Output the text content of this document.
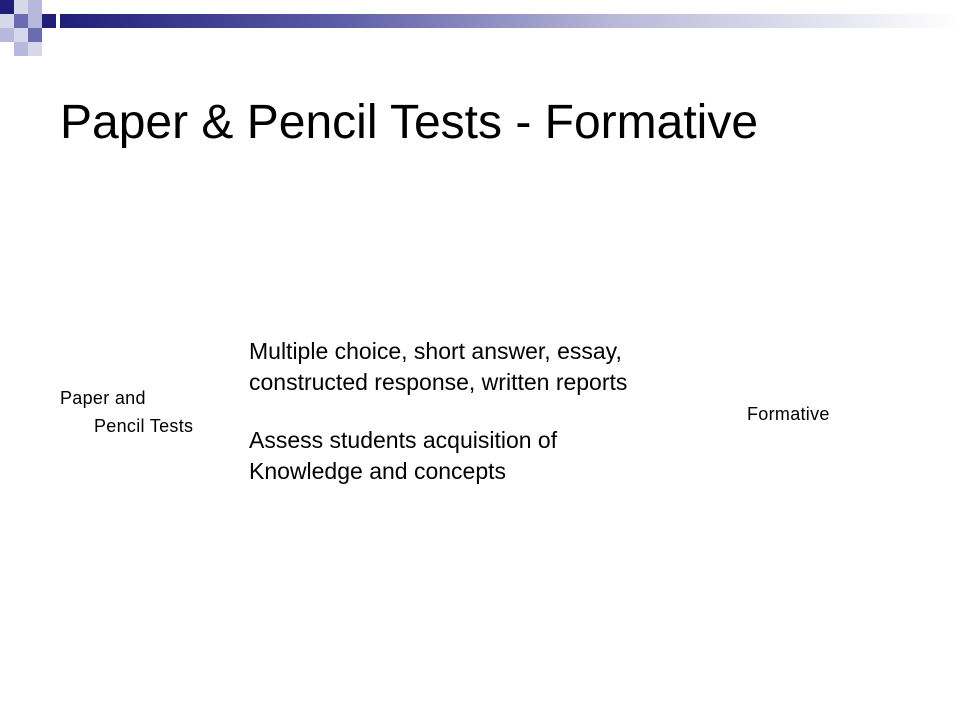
Paper & Pencil Tests - Formative
Paper and
Pencil Tests

Multiple choice, short answer, essay,
constructed response, written reports

Assess students acquisition of
Knowledge and concepts

Formative
